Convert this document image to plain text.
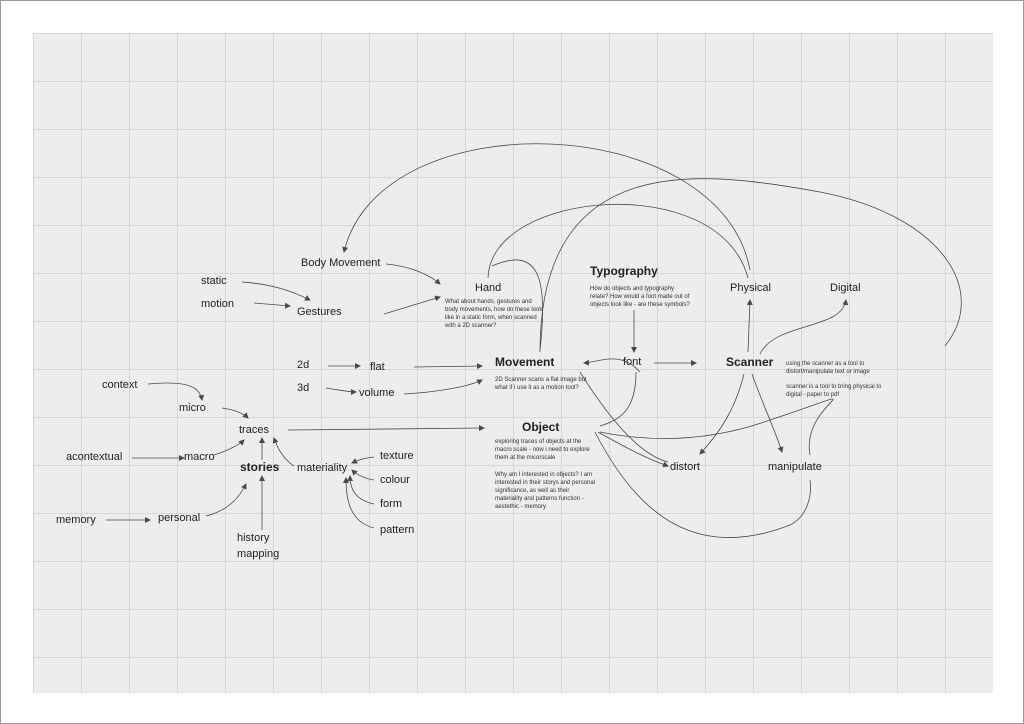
Body Movement
static
motion
Gestures
Hand
Typography
Physical	Digital
2d	flat	Movement	font	Scanner
3d	volume
context
micro
traces	Object
acontextual	macro
stories materiality
texture
colour
form
pattern
distort	manipulate
memory	personal
history
mapping
What about hands, gestures and body movements, how do these look like in a static form, when scanned with a 2D scanner?
How do objects and typography relate? How would a font made out of objects look like - are these symbols?
using the scanner as a tool to distort/manipulate text or image
scanner is a tool to bring physical to digital - paper to pdf
2D Scanner scans a flat image but what if i use it as a motion tool?
exploring traces of objects at the macro scale - now i need to explore them at the micorscale
Why am I interested in objects? I am interested in their storys and personal significance, as well as their materiality and patterns function - aestethic - memory
